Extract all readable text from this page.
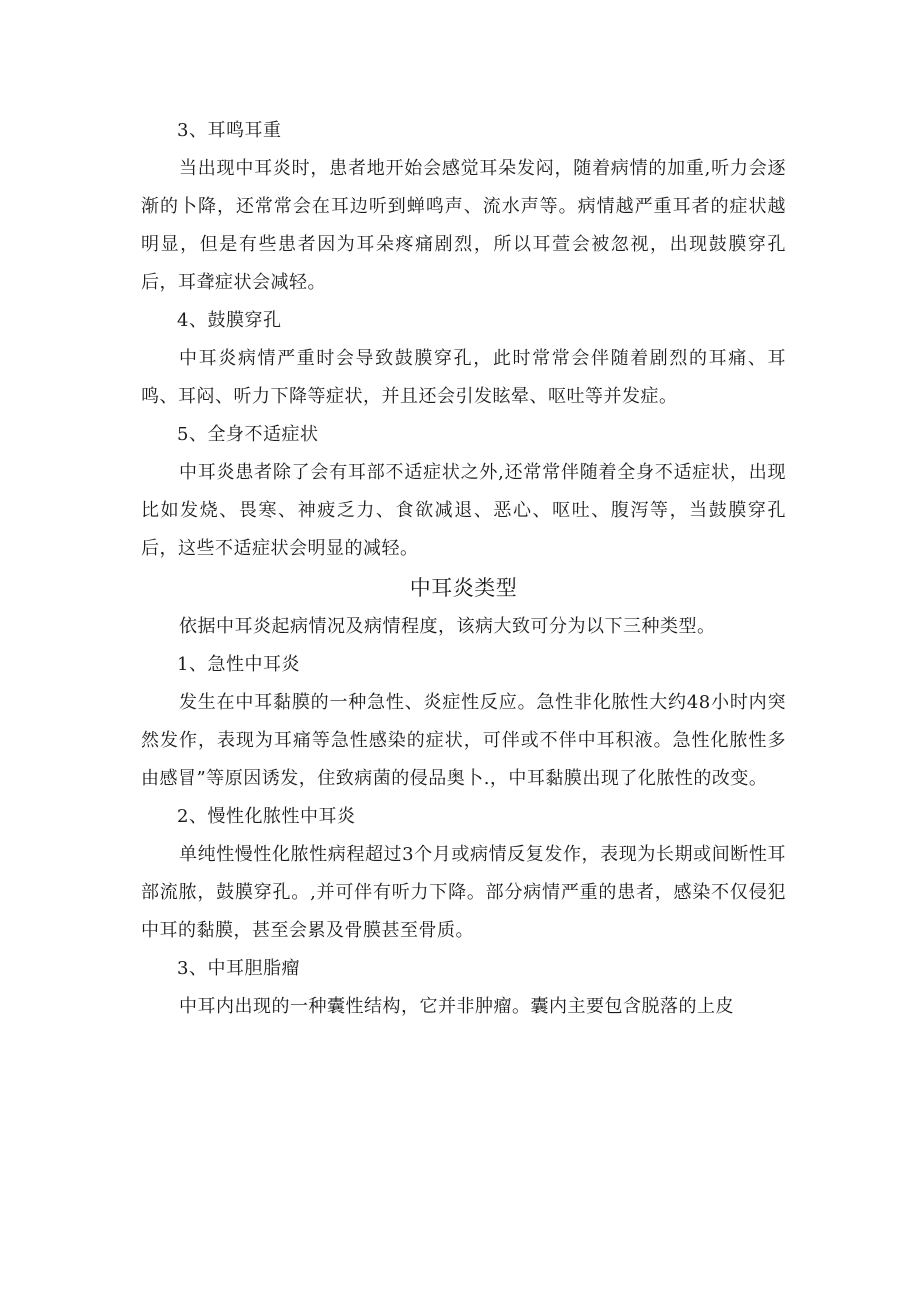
3、耳鸣耳重

当出现中耳炎时，患者地开始会感觉耳朵发闷，随着病情的加重,听力会逐渐的卜降，还常常会在耳边听到蝉鸣声、流水声等。病情越严重耳者的症状越明显，但是有些患者因为耳朵疼痛剧烈，所以耳萱会被忽视，出现鼓膜穿孔后，耳聋症状会减轻。

4、鼓膜穿孔

中耳炎病情严重时会导致鼓膜穿孔，此时常常会伴随着剧烈的耳痛、耳鸣、耳闷、听力下降等症状，并且还会引发眩晕、呕吐等并发症。

5、全身不适症状

中耳炎患者除了会有耳部不适症状之外,还常常伴随着全身不适症状，出现比如发烧、畏寒、神疲乏力、食欲减退、恶心、呕吐、腹泻等，当鼓膜穿孔后，这些不适症状会明显的减轻。

中耳炎类型

依据中耳炎起病情况及病情程度，该病大致可分为以下三种类型。

1、急性中耳炎

发生在中耳黏膜的一种急性、炎症性反应。急性非化脓性大约48小时内突然发作，表现为耳痛等急性感染的症状，可伴或不伴中耳积液。急性化脓性多由感冒”等原因诱发，住致病菌的侵品奥卜.，中耳黏膜出现了化脓性的改变。

2、慢性化脓性中耳炎

单纯性慢性化脓性病程超过3个月或病情反复发作，表现为长期或间断性耳部流脓，鼓膜穿孔。,并可伴有听力下降。部分病情严重的患者，感染不仅侵犯中耳的黏膜，甚至会累及骨膜甚至骨质。

3、中耳胆脂瘤

中耳内出现的一种囊性结构，它并非肿瘤。囊内主要包含脱落的上皮
